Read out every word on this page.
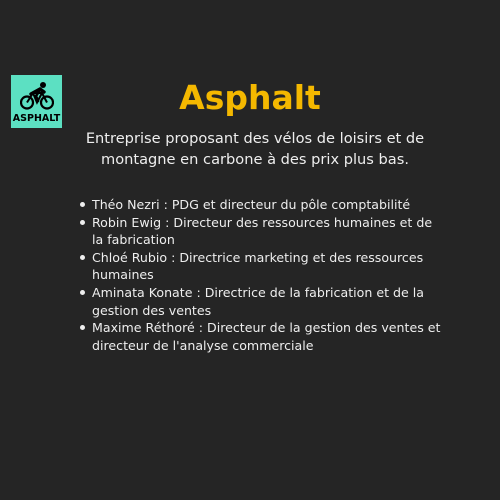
ASPHALT
Asphalt

Entreprise proposant des vélos de loisirs et de montagne en carbone à des prix plus bas.

Théo Nezri : PDG et directeur du pôle comptabilité
Robin Ewig : Directeur des ressources humaines et de la fabrication
Chloé Rubio : Directrice marketing et des ressources humaines
Aminata Konate : Directrice de la fabrication et de la gestion des ventes
Maxime Réthoré : Directeur de la gestion des ventes et directeur de l'analyse commerciale
